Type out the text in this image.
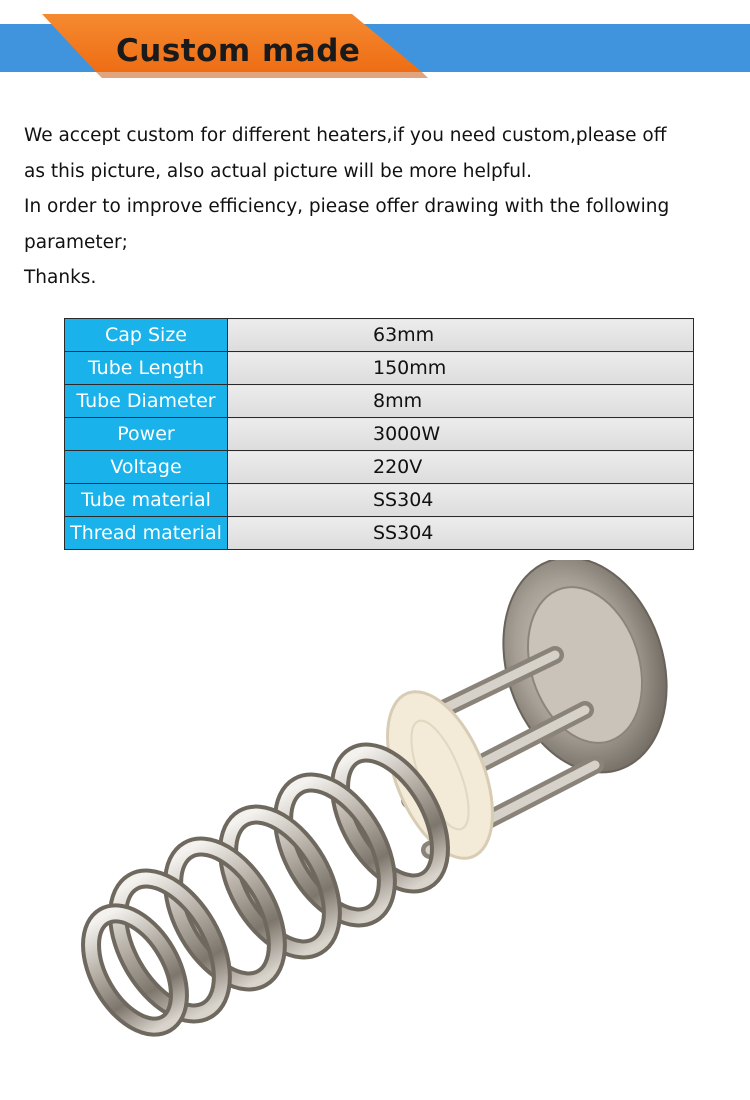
Custom made

We accept custom for different heaters,if you need custom,please off

as this picture, also actual picture will be more helpful.

In order to improve efficiency, piease offer drawing with the following

parameter;

Thanks.

Cap Size	63mm
Tube Length	150mm
Tube Diameter	8mm
Power	3000W
Voltage	220V
Tube material	SS304
Thread material	SS304
